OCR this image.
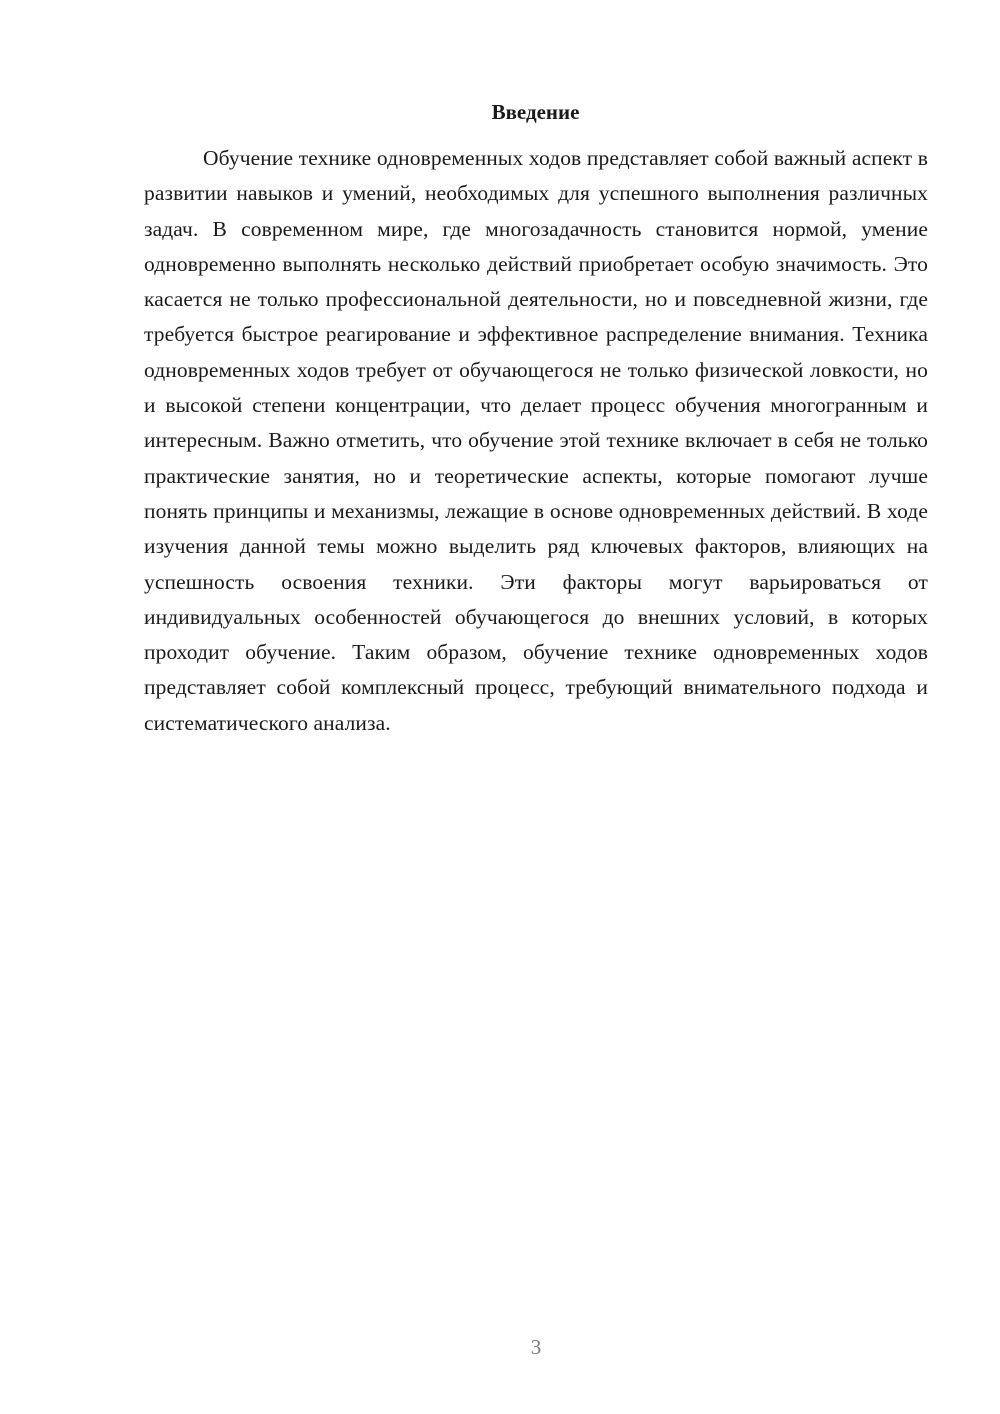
Введение

Обучение технике одновременных ходов представляет собой важный аспект в развитии навыков и умений, необходимых для успешного выполнения различных задач. В современном мире, где многозадачность становится нормой, умение одновременно выполнять несколько действий приобретает особую значимость. Это касается не только профессиональной деятельности, но и повседневной жизни, где требуется быстрое реагирование и эффективное распределение внимания. Техника одновременных ходов требует от обучающегося не только физической ловкости, но и высокой степени концентрации, что делает процесс обучения многогранным и интересным. Важно отметить, что обучение этой технике включает в себя не только практические занятия, но и теоретические аспекты, которые помогают лучше понять принципы и механизмы, лежащие в основе одновременных действий. В ходе изучения данной темы можно выделить ряд ключевых факторов, влияющих на успешность освоения техники. Эти факторы могут варьироваться от индивидуальных особенностей обучающегося до внешних условий, в которых проходит обучение. Таким образом, обучение технике одновременных ходов представляет собой комплексный процесс, требующий внимательного подхода и систематического анализа.

3
